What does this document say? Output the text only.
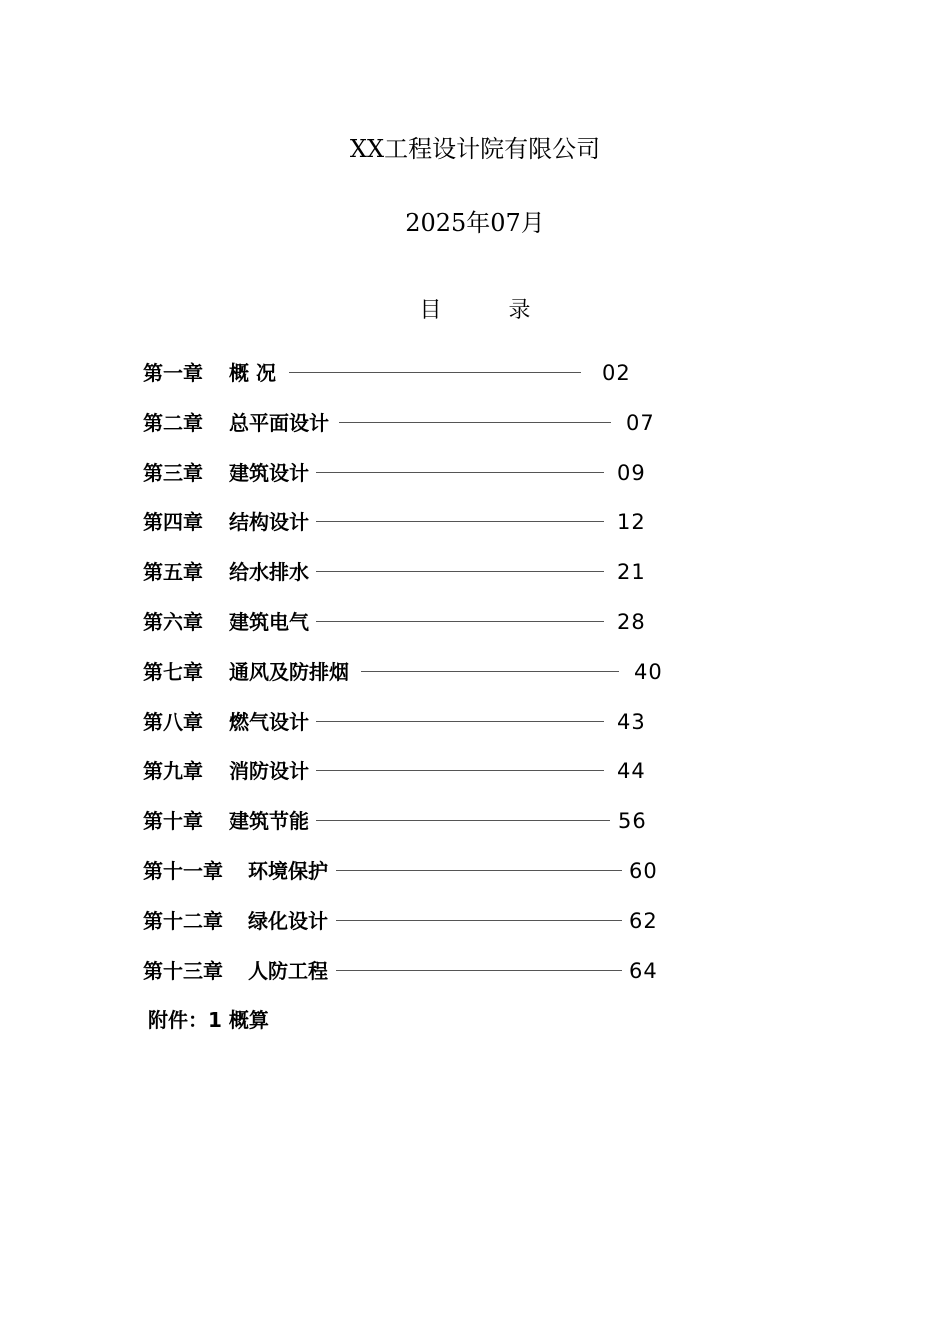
XX工程设计院有限公司
2025年07月
目 录
第一章 概 况	02
第二章 总平面设计	07
第三章 建筑设计	09
第四章 结构设计	12
第五章 给水排水	21
第六章 建筑电气	28
第七章 通风及防排烟	40
第八章 燃气设计	43
第九章 消防设计	44
第十章 建筑节能	56
第十一章 环境保护	60
第十二章 绿化设计	62
第十三章 人防工程	64
附件：1 概算
